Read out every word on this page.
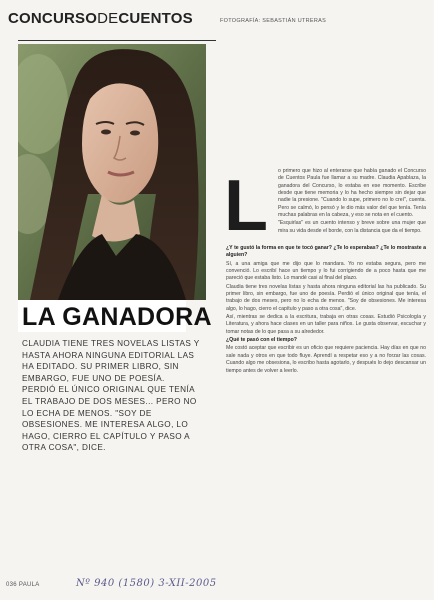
CONCURSODECUENTOS	FOTOGRAFÍA: SEBASTIÁN UTRERAS
LA GANADORA
CLAUDIA TIENE TRES NOVELAS LISTAS Y HASTA AHORA NINGUNA EDITORIAL LAS HA EDITADO. SU PRIMER LIBRO, SIN EMBARGO, FUE UNO DE POESÍA. PERDIÓ EL ÚNICO ORIGINAL QUE TENÍA EL TRABAJO DE DOS MESES... PERO NO LO ECHA DE MENOS. "SOY DE OBSESIONES. ME INTERESA ALGO, LO HAGO, CIERRO EL CAPÍTULO Y PASO A OTRA COSA", DICE.
L o primero que hizo al enterarse que había ganado el Concurso de Cuentos Paula fue llamar a su madre. Claudia Apablaza, la ganadora del Concurso, lo estaba en ese momento. Escribe desde que tiene memoria y lo ha hecho siempre sin dejar que nadie la presione. "Cuando lo supe, primero no lo creí", cuenta. Pero se calmó, lo pensó y le dio más valor del que tenía. Tenía muchas palabras en la cabeza, y eso se nota en el cuento.

"Esquirlas" es un cuento intenso y breve sobre una mujer que mira su vida desde el borde, con la distancia que da el tiempo.

¿Y te gustó la forma en que te tocó ganar? ¿Te lo esperabas? ¿Te lo mostraste a alguien?

Sí, a una amiga que me dijo que lo mandara. Yo no estaba segura, pero me convenció. Lo escribí hace un tiempo y lo fui corrigiendo de a poco hasta que me pareció que estaba listo. Lo mandé casi al final del plazo.

Claudia tiene tres novelas listas y hasta ahora ninguna editorial las ha publicado. Su primer libro, sin embargo, fue uno de poesía. Perdió el único original que tenía, el trabajo de dos meses, pero no lo echa de menos. "Soy de obsesiones. Me interesa algo, lo hago, cierro el capítulo y paso a otra cosa", dice.

Así, mientras se dedica a la escritura, trabaja en otras cosas. Estudió Psicología y Literatura, y ahora hace clases en un taller para niños. Le gusta observar, escuchar y tomar notas de lo que pasa a su alrededor.

¿Qué te pasó con el tiempo?

Me costó aceptar que escribir es un oficio que requiere paciencia. Hay días en que no sale nada y otros en que todo fluye. Aprendí a respetar eso y a no forzar las cosas. Cuando algo me obsesiona, lo escribo hasta agotarlo, y después lo dejo descansar un tiempo antes de volver a leerlo.

036 PAULA	Nº 940 (1580) 3-XII-2005
